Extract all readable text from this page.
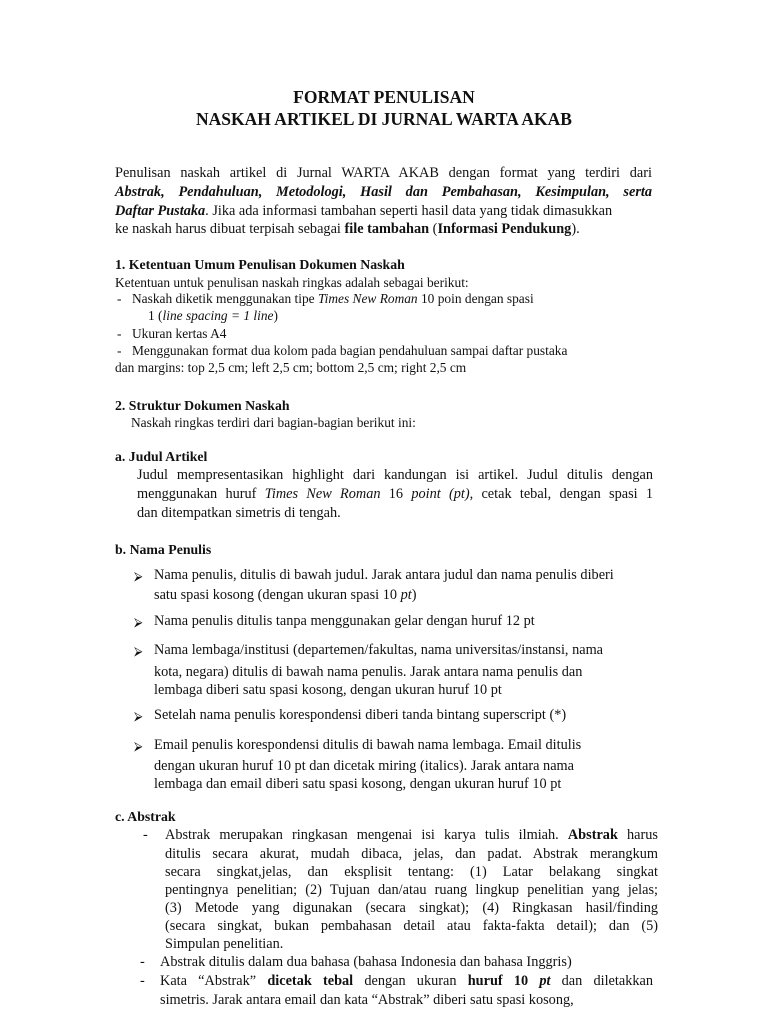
FORMAT PENULISAN
NASKAH ARTIKEL DI JURNAL WARTA AKAB
Penulisan naskah artikel di Jurnal WARTA AKAB dengan format yang terdiri dari
Abstrak, Pendahuluan, Metodologi, Hasil dan Pembahasan, Kesimpulan, serta
Daftar Pustaka. Jika ada informasi tambahan seperti hasil data yang tidak dimasukkan
ke naskah harus dibuat terpisah sebagai file tambahan (Informasi Pendukung).
1. Ketentuan Umum Penulisan Dokumen Naskah
Ketentuan untuk penulisan naskah ringkas adalah sebagai berikut:
- Naskah diketik menggunakan tipe Times New Roman 10 poin dengan spasi
1 (line spacing = 1 line)
- Ukuran kertas A4
- Menggunakan format dua kolom pada bagian pendahuluan sampai daftar pustaka
dan margins: top 2,5 cm; left 2,5 cm; bottom 2,5 cm; right 2,5 cm
2. Struktur Dokumen Naskah
Naskah ringkas terdiri dari bagian-bagian berikut ini:
a. Judul Artikel
Judul mempresentasikan highlight dari kandungan isi artikel. Judul ditulis dengan
menggunakan huruf Times New Roman 16 point (pt), cetak tebal, dengan spasi 1
dan ditempatkan simetris di tengah.
b. Nama Penulis
⮚ Nama penulis, ditulis di bawah judul. Jarak antara judul dan nama penulis diberi
satu spasi kosong (dengan ukuran spasi 10 pt)
⮚ Nama penulis ditulis tanpa menggunakan gelar dengan huruf 12 pt
⮚ Nama lembaga/institusi (departemen/fakultas, nama universitas/instansi, nama
kota, negara) ditulis di bawah nama penulis. Jarak antara nama penulis dan
lembaga diberi satu spasi kosong, dengan ukuran huruf 10 pt
⮚ Setelah nama penulis korespondensi diberi tanda bintang superscript (*)
⮚ Email penulis korespondensi ditulis di bawah nama lembaga. Email ditulis
dengan ukuran huruf 10 pt dan dicetak miring (italics). Jarak antara nama
lembaga dan email diberi satu spasi kosong, dengan ukuran huruf 10 pt
c. Abstrak
- Abstrak merupakan ringkasan mengenai isi karya tulis ilmiah. Abstrak harus
ditulis secara akurat, mudah dibaca, jelas, dan padat. Abstrak merangkum
secara singkat,jelas, dan eksplisit tentang: (1) Latar belakang singkat
pentingnya penelitian; (2) Tujuan dan/atau ruang lingkup penelitian yang jelas;
(3) Metode yang digunakan (secara singkat); (4) Ringkasan hasil/finding
(secara singkat, bukan pembahasan detail atau fakta-fakta detail); dan (5)
Simpulan penelitian.
- Abstrak ditulis dalam dua bahasa (bahasa Indonesia dan bahasa Inggris)
- Kata “Abstrak” dicetak tebal dengan ukuran huruf 10 pt dan diletakkan
simetris. Jarak antara email dan kata “Abstrak” diberi satu spasi kosong,
